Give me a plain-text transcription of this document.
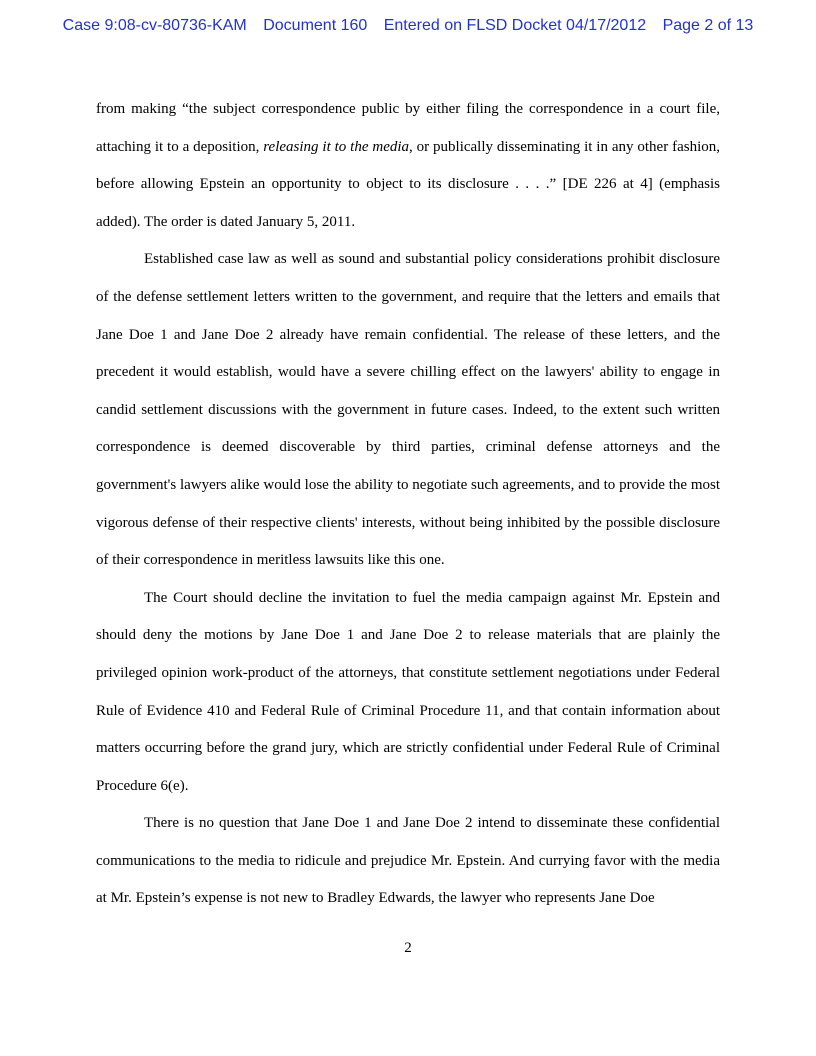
Case 9:08-cv-80736-KAM Document 160 Entered on FLSD Docket 04/17/2012 Page 2 of 13

from making “the subject correspondence public by either filing the correspondence in a court file, attaching it to a deposition, releasing it to the media, or publically disseminating it in any other fashion, before allowing Epstein an opportunity to object to its disclosure . . . .” [DE 226 at 4] (emphasis added). The order is dated January 5, 2011.

Established case law as well as sound and substantial policy considerations prohibit disclosure of the defense settlement letters written to the government, and require that the letters and emails that Jane Doe 1 and Jane Doe 2 already have remain confidential. The release of these letters, and the precedent it would establish, would have a severe chilling effect on the lawyers' ability to engage in candid settlement discussions with the government in future cases. Indeed, to the extent such written correspondence is deemed discoverable by third parties, criminal defense attorneys and the government's lawyers alike would lose the ability to negotiate such agreements, and to provide the most vigorous defense of their respective clients' interests, without being inhibited by the possible disclosure of their correspondence in meritless lawsuits like this one.

The Court should decline the invitation to fuel the media campaign against Mr. Epstein and should deny the motions by Jane Doe 1 and Jane Doe 2 to release materials that are plainly the privileged opinion work-product of the attorneys, that constitute settlement negotiations under Federal Rule of Evidence 410 and Federal Rule of Criminal Procedure 11, and that contain information about matters occurring before the grand jury, which are strictly confidential under Federal Rule of Criminal Procedure 6(e).

There is no question that Jane Doe 1 and Jane Doe 2 intend to disseminate these confidential communications to the media to ridicule and prejudice Mr. Epstein. And currying favor with the media at Mr. Epstein’s expense is not new to Bradley Edwards, the lawyer who represents Jane Doe

2
